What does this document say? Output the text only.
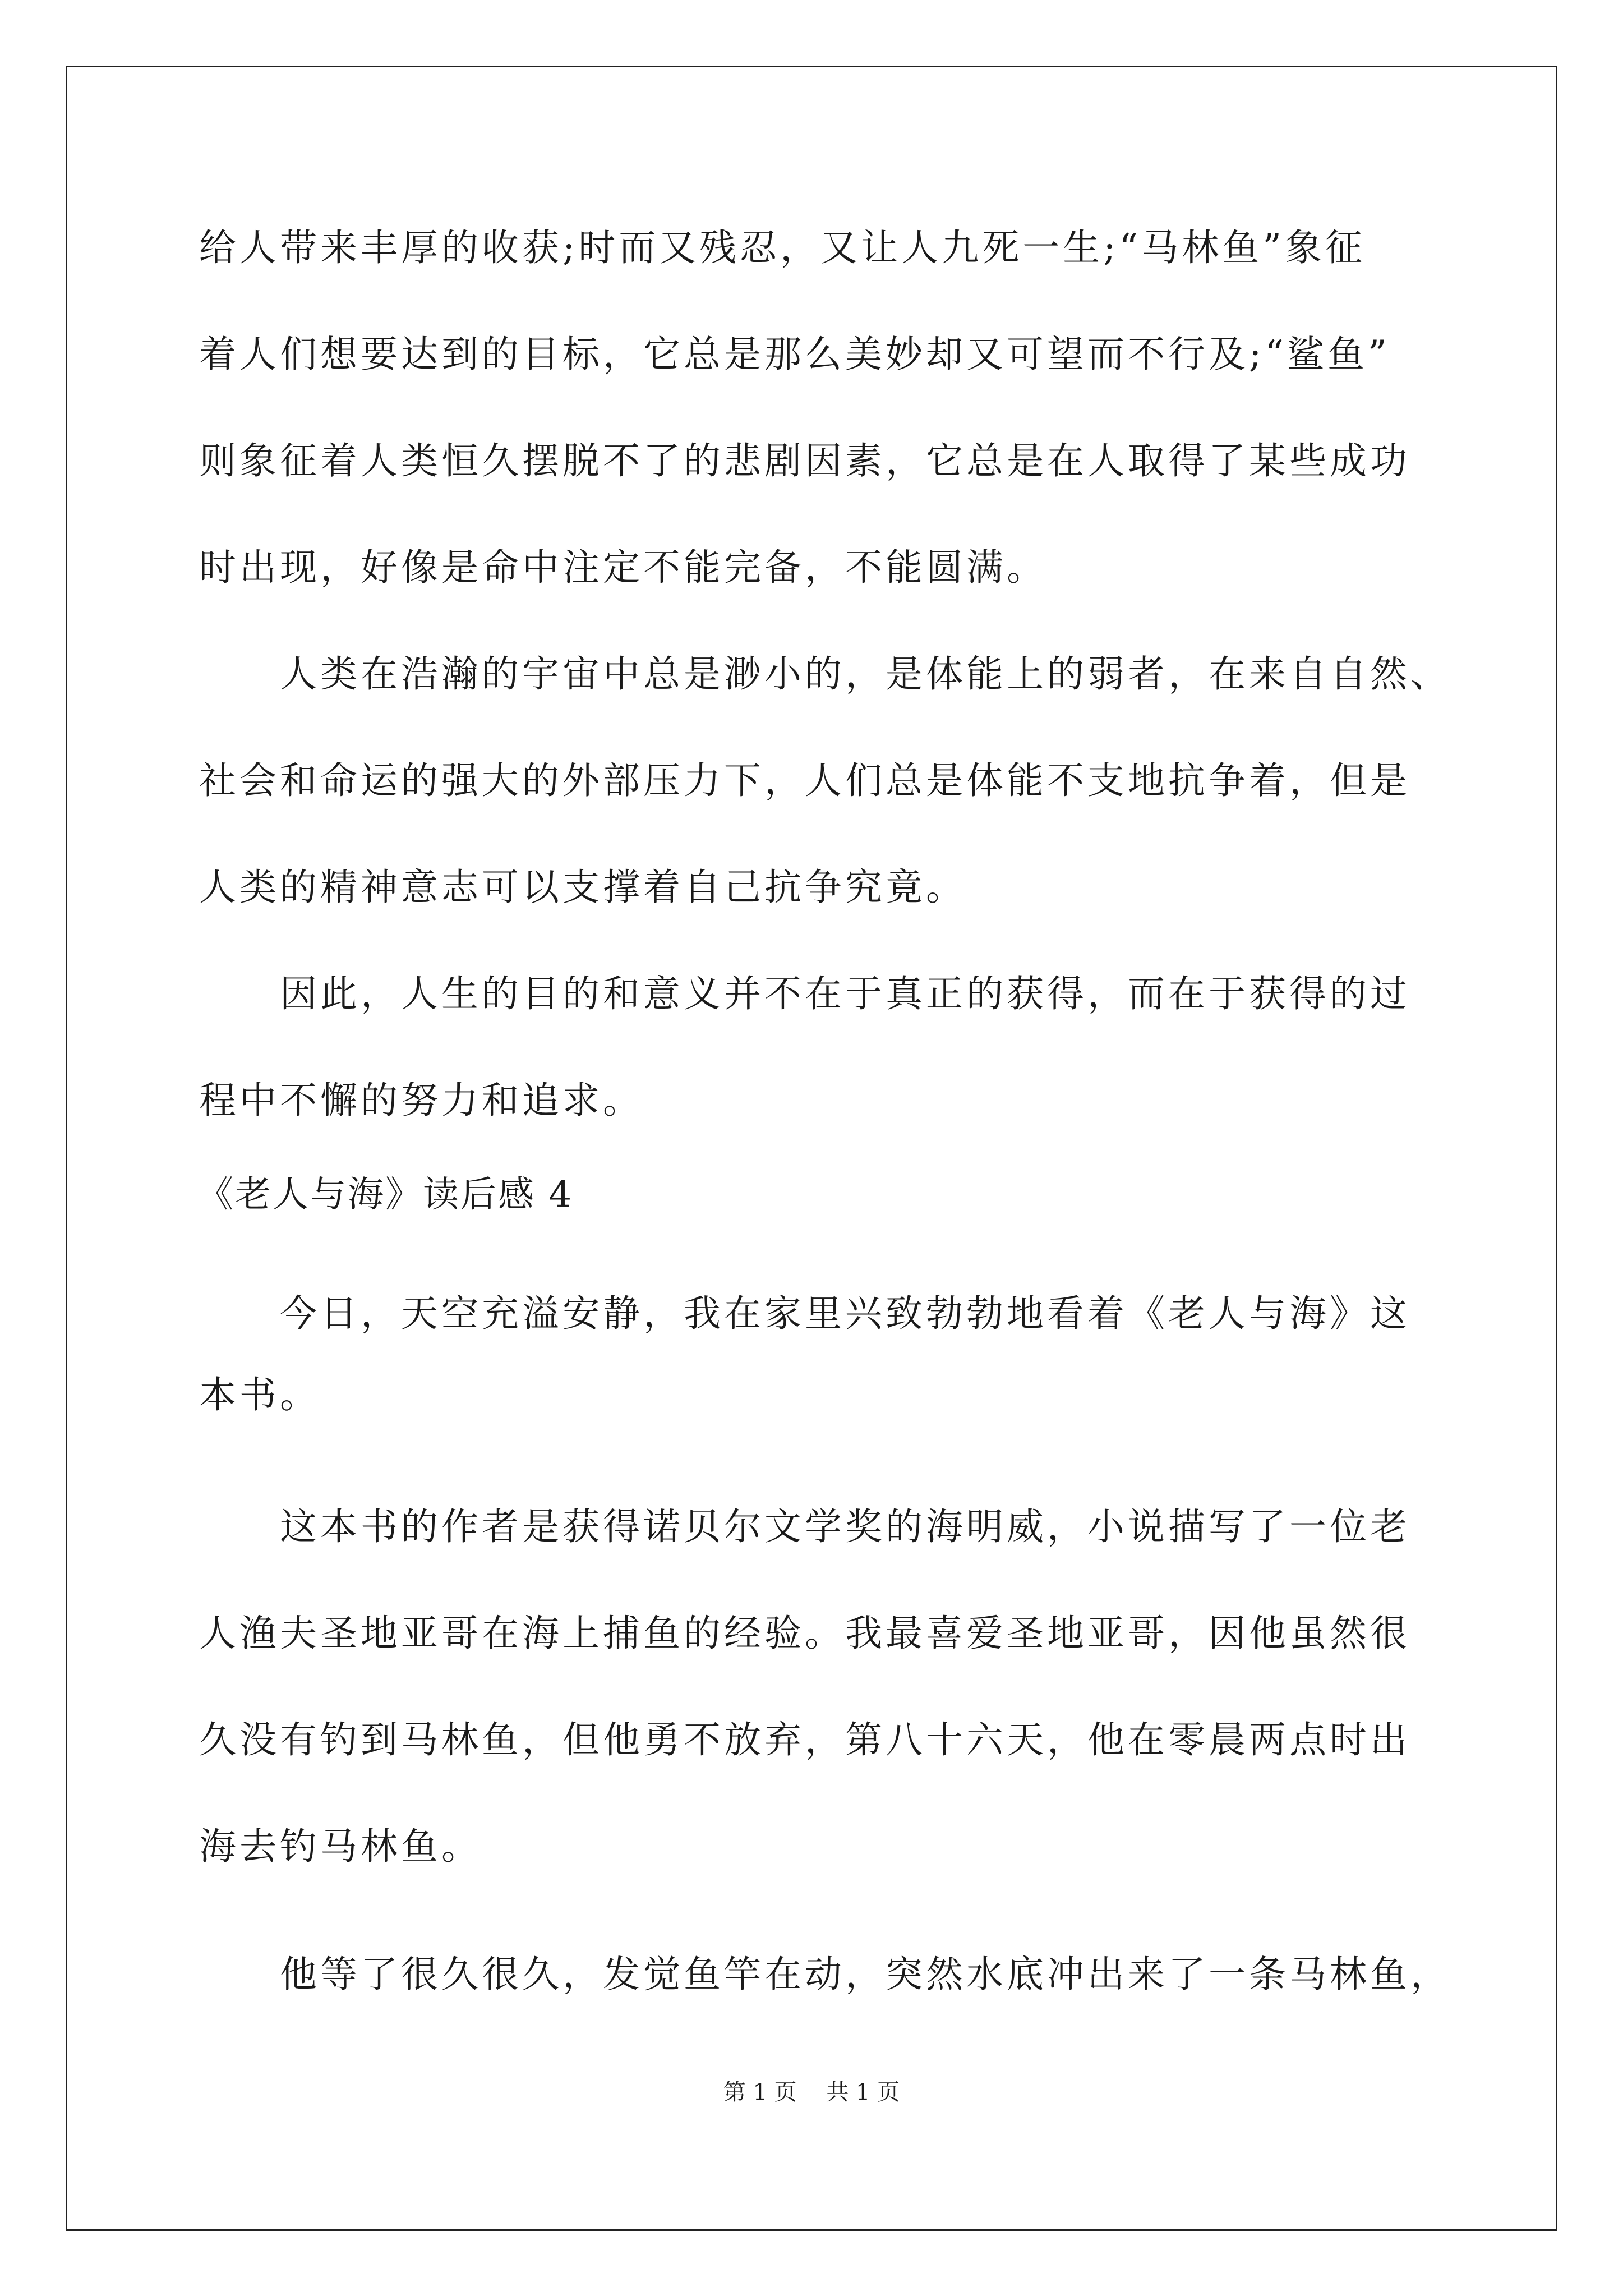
给人带来丰厚的收获;时而又残忍，又让人九死一生;“马林鱼”象征
着人们想要达到的目标，它总是那么美妙却又可望而不行及;“鲨鱼”
则象征着人类恒久摆脱不了的悲剧因素，它总是在人取得了某些成功
时出现，好像是命中注定不能完备，不能圆满。
　　人类在浩瀚的宇宙中总是渺小的，是体能上的弱者，在来自自然、
社会和命运的强大的外部压力下，人们总是体能不支地抗争着，但是
人类的精神意志可以支撑着自己抗争究竟。
　　因此，人生的目的和意义并不在于真正的获得，而在于获得的过
程中不懈的努力和追求。
《老人与海》读后感 4
　　今日，天空充溢安静，我在家里兴致勃勃地看着《老人与海》这
本书。
　　这本书的作者是获得诺贝尔文学奖的海明威，小说描写了一位老
人渔夫圣地亚哥在海上捕鱼的经验。我最喜爱圣地亚哥，因他虽然很
久没有钓到马林鱼，但他勇不放弃，第八十六天，他在零晨两点时出
海去钓马林鱼。
　　他等了很久很久，发觉鱼竿在动，突然水底冲出来了一条马林鱼，
第 1 页　 共 1 页
